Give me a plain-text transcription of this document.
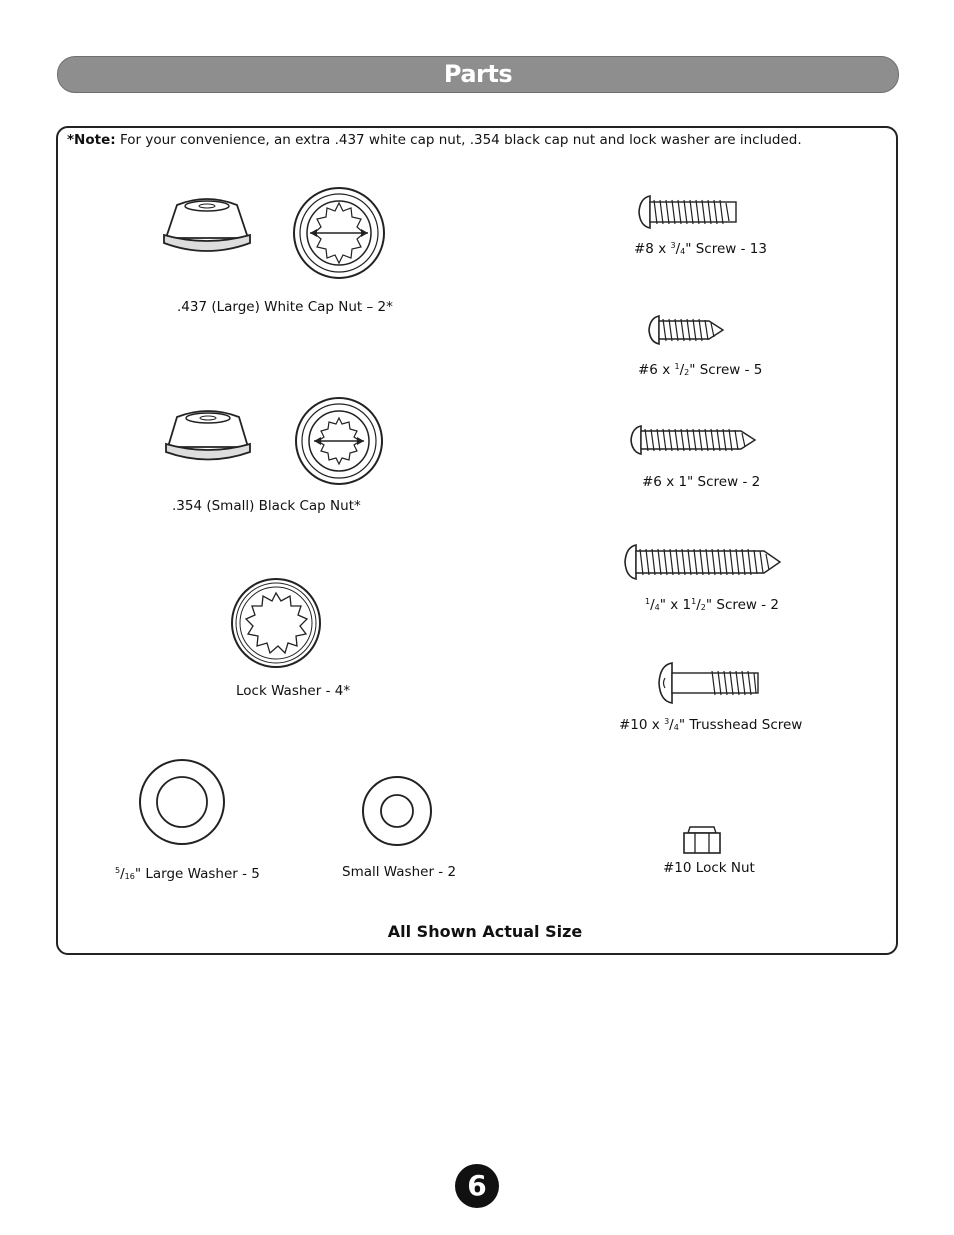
Parts
*Note: For your convenience, an extra .437 white cap nut, .354 black cap nut and lock washer are included.
.437 (Large) White Cap Nut – 2*
.354 (Small) Black Cap Nut*
Lock Washer - 4*
$^5/_{16}$" Large Washer - 5	Small Washer - 2
#8 x $^3/_4$" Screw - 13
#6 x $^1/_2$" Screw - 5
#6 x 1" Screw - 2
$^1/_4$" x $1^1/_2$" Screw - 2
#10 x $^3/_4$" Trusshead Screw
#10 Lock Nut
All Shown Actual Size
6
